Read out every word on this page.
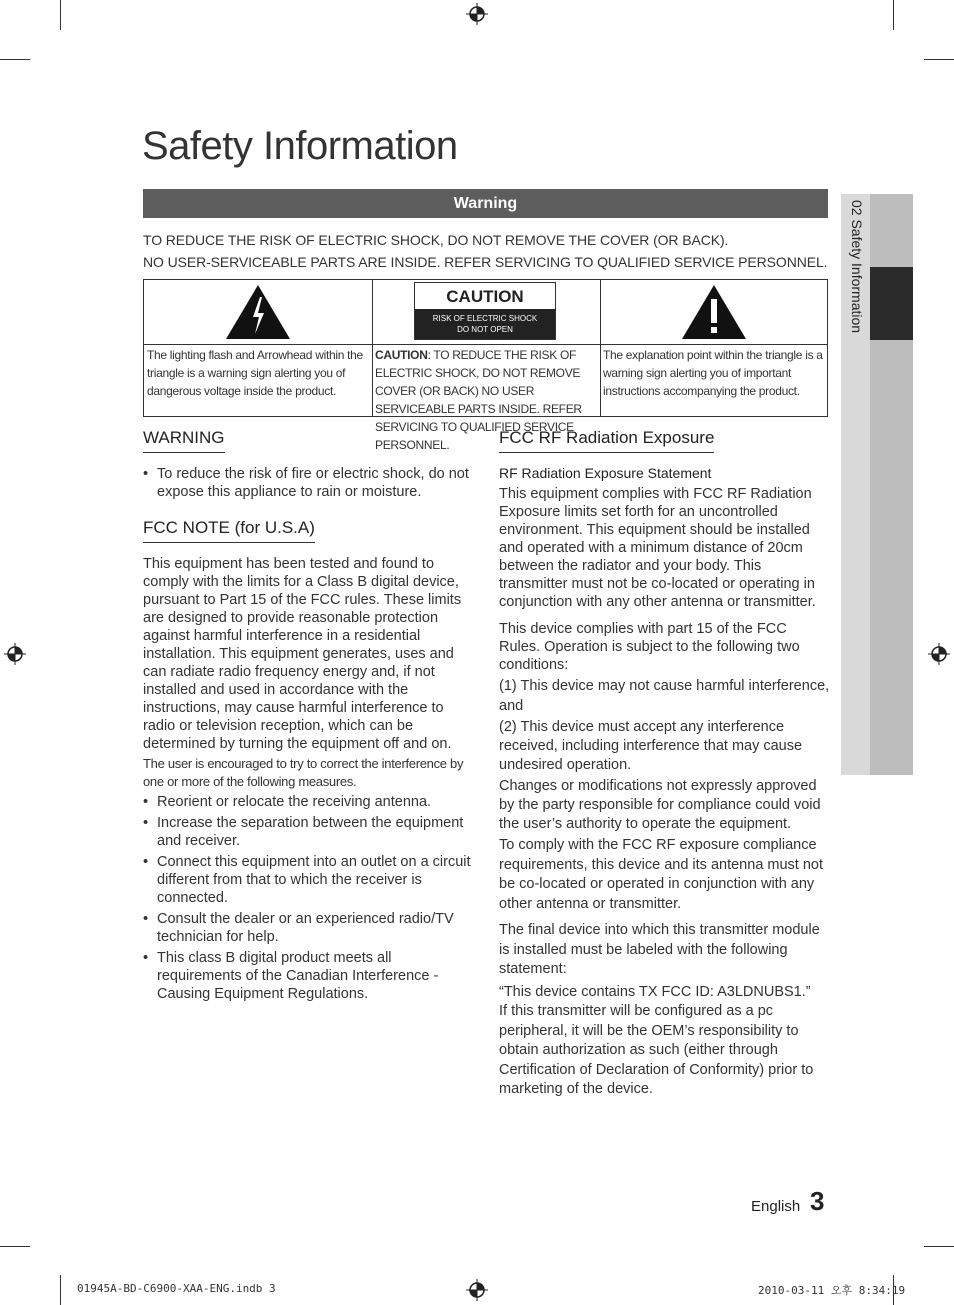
02 Safety Information
Safety Information
Warning
TO REDUCE THE RISK OF ELECTRIC SHOCK, DO NOT REMOVE THE COVER (OR BACK).
NO USER-SERVICEABLE PARTS ARE INSIDE. REFER SERVICING TO QUALIFIED SERVICE PERSONNEL.
The lighting flash and Arrowhead within the triangle is a warning sign alerting you of dangerous voltage inside the product.
CAUTION
RISK OF ELECTRIC SHOCK
DO NOT OPEN
CAUTION: TO REDUCE THE RISK OF ELECTRIC SHOCK, DO NOT REMOVE COVER (OR BACK) NO USER SERVICEABLE PARTS INSIDE. REFER SERVICING TO QUALIFIED SERVICE PERSONNEL.
The explanation point within the triangle is a warning sign alerting you of important instructions accompanying the product.
WARNING
• To reduce the risk of fire or electric shock, do not expose this appliance to rain or moisture.
FCC NOTE (for U.S.A)
This equipment has been tested and found to comply with the limits for a Class B digital device, pursuant to Part 15 of the FCC rules. These limits are designed to provide reasonable protection against harmful interference in a residential installation. This equipment generates, uses and can radiate radio frequency energy and, if not installed and used in accordance with the instructions, may cause harmful interference to radio or television reception, which can be determined by turning the equipment off and on.
The user is encouraged to try to correct the interference by one or more of the following measures.
• Reorient or relocate the receiving antenna.
• Increase the separation between the equipment and receiver.
• Connect this equipment into an outlet on a circuit different from that to which the receiver is connected.
• Consult the dealer or an experienced radio/TV technician for help.
• This class B digital product meets all requirements of the Canadian Interference - Causing Equipment Regulations.
FCC RF Radiation Exposure
RF Radiation Exposure Statement
This equipment complies with FCC RF Radiation Exposure limits set forth for an uncontrolled environment. This equipment should be installed and operated with a minimum distance of 20cm between the radiator and your body. This transmitter must not be co-located or operating in conjunction with any other antenna or transmitter.
This device complies with part 15 of the FCC Rules. Operation is subject to the following two conditions:
(1) This device may not cause harmful interference, and
(2) This device must accept any interference received, including interference that may cause undesired operation.
Changes or modifications not expressly approved by the party responsible for compliance could void the user’s authority to operate the equipment.
To comply with the FCC RF exposure compliance requirements, this device and its antenna must not be co-located or operated in conjunction with any other antenna or transmitter.
The final device into which this transmitter module is installed must be labeled with the following statement:
“This device contains TX FCC ID: A3LDNUBS1.”
If this transmitter will be configured as a pc peripheral, it will be the OEM’s responsibility to obtain authorization as such (either through Certification of Declaration of Conformity) prior to marketing of the device.
English 3
01945A-BD-C6900-XAA-ENG.indb 3	2010-03-11 오후 8:34:19
